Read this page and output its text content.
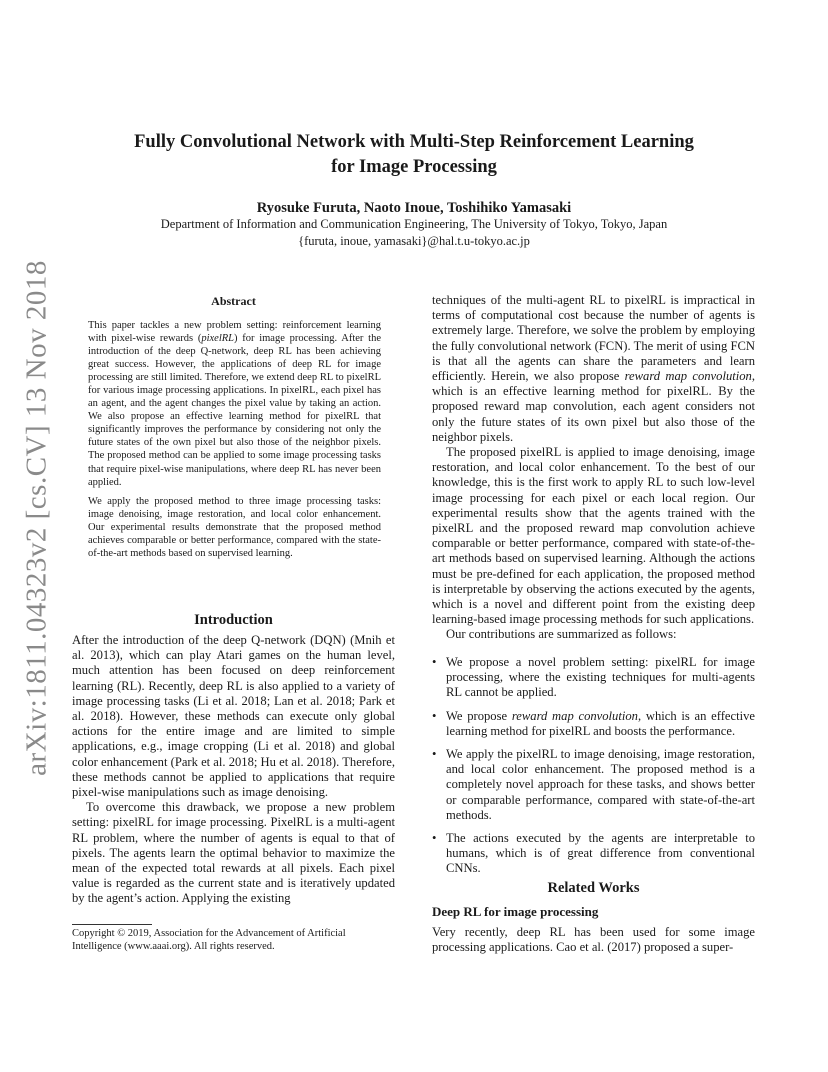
arXiv:1811.04323v2 [cs.CV] 13 Nov 2018
Fully Convolutional Network with Multi-Step Reinforcement Learning
for Image Processing
Ryosuke Furuta, Naoto Inoue, Toshihiko Yamasaki
Department of Information and Communication Engineering, The University of Tokyo, Tokyo, Japan
{furuta, inoue, yamasaki}@hal.t.u-tokyo.ac.jp
Abstract

This paper tackles a new problem setting: reinforcement learning with pixel-wise rewards (pixelRL) for image processing. After the introduction of the deep Q-network, deep RL has been achieving great success. However, the applications of deep RL for image processing are still limited. Therefore, we extend deep RL to pixelRL for various image processing applications. In pixelRL, each pixel has an agent, and the agent changes the pixel value by taking an action. We also propose an effective learning method for pixelRL that significantly improves the performance by considering not only the future states of the own pixel but also those of the neighbor pixels. The proposed method can be applied to some image processing tasks that require pixel-wise manipulations, where deep RL has never been applied.

We apply the proposed method to three image processing tasks: image denoising, image restoration, and local color enhancement. Our experimental results demonstrate that the proposed method achieves comparable or better performance, compared with the state-of-the-art methods based on supervised learning.

Introduction

After the introduction of the deep Q-network (DQN) (Mnih et al. 2013), which can play Atari games on the human level, much attention has been focused on deep reinforcement learning (RL). Recently, deep RL is also applied to a variety of image processing tasks (Li et al. 2018; Lan et al. 2018; Park et al. 2018). However, these methods can execute only global actions for the entire image and are limited to simple applications, e.g., image cropping (Li et al. 2018) and global color enhancement (Park et al. 2018; Hu et al. 2018). Therefore, these methods cannot be applied to applications that require pixel-wise manipulations such as image denoising.

To overcome this drawback, we propose a new problem setting: pixelRL for image processing. PixelRL is a multi-agent RL problem, where the number of agents is equal to that of pixels. The agents learn the optimal behavior to maximize the mean of the expected total rewards at all pixels. Each pixel value is regarded as the current state and is iteratively updated by the agent’s action. Applying the existing

Copyright © 2019, Association for the Advancement of Artificial Intelligence (www.aaai.org). All rights reserved.

techniques of the multi-agent RL to pixelRL is impractical in terms of computational cost because the number of agents is extremely large. Therefore, we solve the problem by employing the fully convolutional network (FCN). The merit of using FCN is that all the agents can share the parameters and learn efficiently. Herein, we also propose reward map convolution, which is an effective learning method for pixelRL. By the proposed reward map convolution, each agent considers not only the future states of its own pixel but also those of the neighbor pixels.

The proposed pixelRL is applied to image denoising, image restoration, and local color enhancement. To the best of our knowledge, this is the first work to apply RL to such low-level image processing for each pixel or each local region. Our experimental results show that the agents trained with the pixelRL and the proposed reward map convolution achieve comparable or better performance, compared with state-of-the-art methods based on supervised learning. Although the actions must be pre-defined for each application, the proposed method is interpretable by observing the actions executed by the agents, which is a novel and different point from the existing deep learning-based image processing methods for such applications.

Our contributions are summarized as follows:

• We propose a novel problem setting: pixelRL for image processing, where the existing techniques for multi-agents RL cannot be applied.
• We propose reward map convolution, which is an effective learning method for pixelRL and boosts the performance.
• We apply the pixelRL to image denoising, image restoration, and local color enhancement. The proposed method is a completely novel approach for these tasks, and shows better or comparable performance, compared with state-of-the-art methods.
• The actions executed by the agents are interpretable to humans, which is of great difference from conventional CNNs.
Related Works
Deep RL for image processing

Very recently, deep RL has been used for some image processing applications. Cao et al. (2017) proposed a super-
